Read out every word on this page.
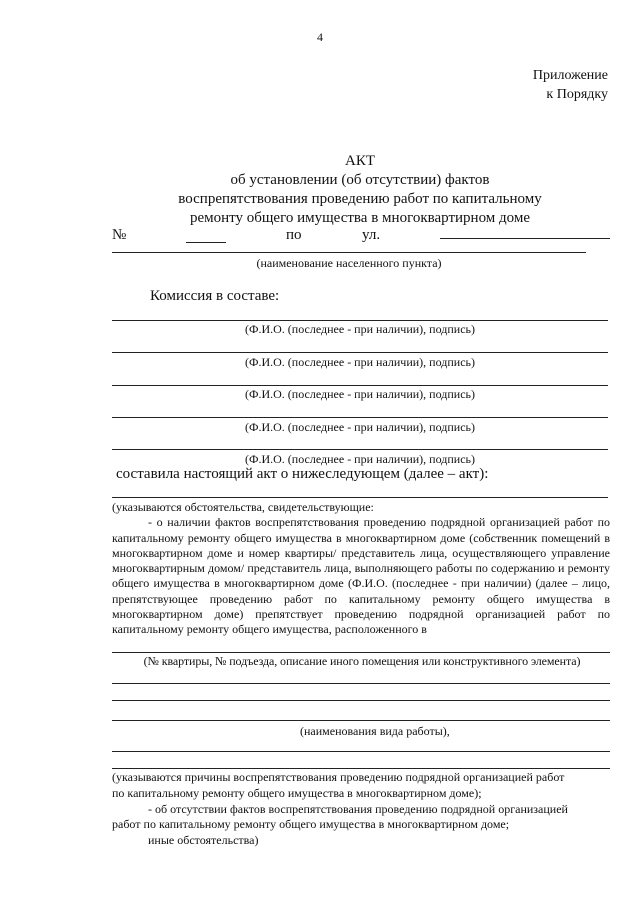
4
Приложение
к Порядку
АКТ
об установлении (об отсутствии) фактов
воспрепятствования проведению работ по капитальному
ремонту общего имущества в многоквартирном доме
№	по	ул.
(наименование населенного пункта)
Комиссия в составе:
(Ф.И.О. (последнее - при наличии), подпись)
(Ф.И.О. (последнее - при наличии), подпись)
(Ф.И.О. (последнее - при наличии), подпись)
(Ф.И.О. (последнее - при наличии), подпись)
(Ф.И.О. (последнее - при наличии), подпись)
составила настоящий акт о нижеследующем (далее – акт):
(указываются обстоятельства, свидетельствующие:
- о наличии фактов воспрепятствования проведению подрядной организацией работ по капитальному ремонту общего имущества в многоквартирном доме (собственник помещений в многоквартирном доме и номер квартиры/ представитель лица, осуществляющего управление многоквартирным домом/ представитель лица, выполняющего работы по содержанию и ремонту общего имущества в многоквартирном доме (Ф.И.О. (последнее - при наличии) (далее – лицо, препятствующее проведению работ по капитальному ремонту общего имущества в многоквартирном доме) препятствует проведению подрядной организацией работ по капитальному ремонту общего имущества, расположенного в
(№ квартиры, № подъезда, описание иного помещения или конструктивного элемента)
(наименования вида работы),
(указываются причины воспрепятствования проведению подрядной организацией работ
по капитальному ремонту общего имущества в многоквартирном доме);
- об отсутствии фактов воспрепятствования проведению подрядной организацией
работ по капитальному ремонту общего имущества в многоквартирном доме;
иные обстоятельства)
